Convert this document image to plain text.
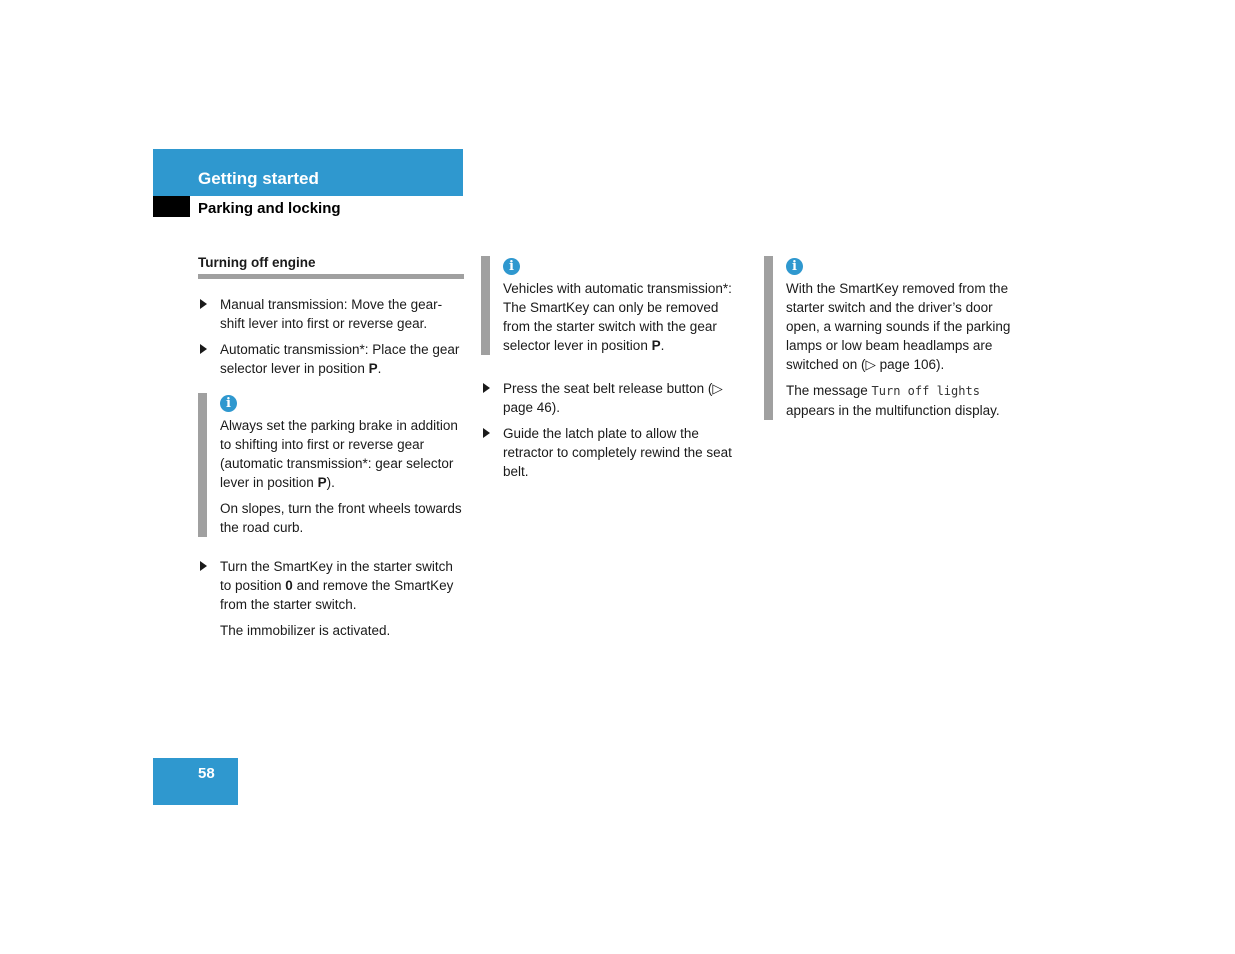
Getting started
Parking and locking
Turning off engine

Manual transmission: Move the gear-shift lever into first or reverse gear.

Automatic transmission*: Place the gear selector lever in position P.

i

Always set the parking brake in addition to shifting into first or reverse gear (automatic transmission*: gear selector lever in position P).

On slopes, turn the front wheels towards the road curb.

Turn the SmartKey in the starter switch to position 0 and remove the SmartKey from the starter switch.

The immobilizer is activated.

i

Vehicles with automatic transmission*: The SmartKey can only be removed from the starter switch with the gear selector lever in position P.

Press the seat belt release button (▷ page 46).

Guide the latch plate to allow the retractor to completely rewind the seat belt.

i

With the SmartKey removed from the starter switch and the driver’s door open, a warning sounds if the parking lamps or low beam headlamps are switched on (▷ page 106).

The message Turn off lights appears in the multifunction display.

58
